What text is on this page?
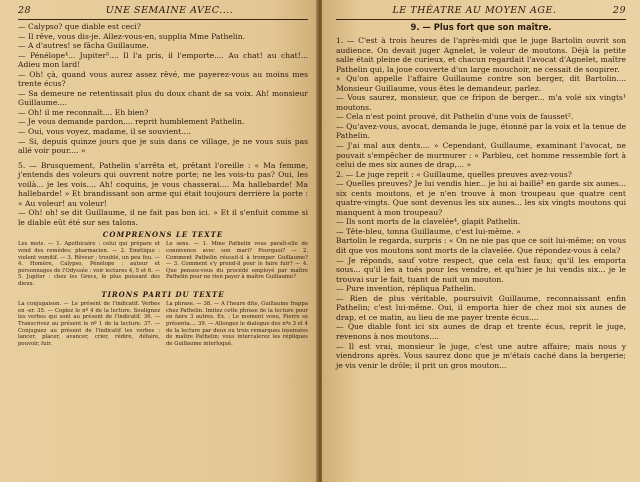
28	UNE SEMAINE AVEC....

— Calypso? que diable est ceci?

— Il rêve, vous dis-je. Allez-vous-en, supplia Mme Pathelin.

— A d'autres! se fâcha Guillaume.

— Pénélope⁴... Jupiter⁵.... Il l'a pris, il l'emporte.... Au chat! au chat!... Adieu mon lard!

— Oh! çà, quand vous aurez assez rêvé, me payerez-vous au moins mes trente écus?

— Sa demeure ne retentissait plus du doux chant de sa voix. Ah! monsieur Guillaume....

— Oh! il me reconnaît.... Eh bien?

— Je vous demande pardon,... reprit humblement Pathelin.

— Oui, vous voyez, madame, il se souvient....

— Si, depuis quinze jours que je suis dans ce village, je ne vous suis pas allé voir pour.... »

5. — Brusquement, Pathelin s'arrêta et, prêtant l'oreille : « Ma femme, j'entends des voleurs qui ouvrent notre porte; ne les vois-tu pas? Oui, les voilà... je les vois.... Ah! coquins, je vous chasserai.... Ma hallebarde! Ma hallebarde! » Et brandissant son arme qui était toujours derrière la porte : « Au voleur! au voleur!

— Oh! oh! se dit Guillaume, il ne fait pas bon ici. » Et il s'enfuit comme si le diable eût été sur ses talons.

COMPRENONS LE TEXTE

Les mots. — 1. Apothicaire : celui qui prépare et vend des remèdes; pharmacien. — 2. Émétique : violent vomitif. — 3. Rêveur : troublé, un peu fou. — 4. Homère, Calypso, Pénélope : auteur et personnages de l'Odyssée : voir lectures 4, 5 et 6. — 5. Jupiter : chez les Grecs, le plus puissant des dieux.

Le sens. — 1. Mme Pathelin vous paraît-elle de connivence avec son mari? Pourquoi? — 2. Comment Pathelin réussit-il à tromper Guillaume? — 3. Comment s'y prend-il pour le faire fuir? — 4. Que pensez-vous du procédé employé par maître Pathelin pour ne rien payer à maître Guillaume?

TIRONS PARTI DU TEXTE

La conjugaison. — Le présent de l'indicatif. Verbes en -er. 35. — Copiez le nº 4 de la lecture. Soulignez les verbes qui sont au présent de l'indicatif. 36. — Transcrivez au présent le nº 1 de la lecture. 37. — Conjuguez au présent de l'indicatif les verbes : lancer, placer, avancer, crier, rédire, défaire, pouvoir, fuir.

La phrase. — 38. — A l'heure dite, Guillaume frappa chez Pathelin. Imitez cette phrase de la lecture pour en faire 3 autres. Ex. : Le moment venu, Pierre se présenta.... 39. — Allongez le dialogue des nºs 3 et 4 de la lecture par deux ou trois remarques insensées de maître Pathelin; vous intercalerez les répliques de Guillaume interloqué.

LE THÉATRE AU MOYEN AGE.	29
9. — Plus fort que son maître.

1. — C'est à trois heures de l'après-midi que le juge Bartolin ouvrit son audience. On devait juger Agnelet, le voleur de moutons. Déjà la petite salle était pleine de curieux, et chacun regardait l'avocat d'Agnelet, maître Pathelin qui, la joue couverte d'un large mouchoir, ne cessait de soupirer.

« Qu'on appelle l'affaire Guillaume contre son berger, dit Bartolin.... Monsieur Guillaume, vous êtes le demandeur, parlez.

— Vous saurez, monsieur, que ce fripon de berger... m'a volé six vingts¹ moutons.

— Cela n'est point prouvé, dit Pathelin d'une voix de fausset².

— Qu'avez-vous, avocat, demanda le juge, étonné par la voix et la tenue de Pathelin.

— J'ai mal aux dents.... » Cependant, Guillaume, examinant l'avocat, ne pouvait s'empêcher de murmurer : « Parbleu, cet homme ressemble fort à celui de mes six aunes de drap,... »

2. — Le juge reprit : « Guillaume, quelles preuves avez-vous?

— Quelles preuves? Je lui vendis hier... je lui ai baillé³ en garde six aunes... six cents moutons, et je n'en trouve à mon troupeau que quatre cent quatre-vingts. Que sont devenus les six aunes... les six vingts moutons qui manquent à mon troupeau?

— Ils sont morts de la clavelée⁴, glapit Pathelin.

— Tête-bleu, tonna Guillaume, c'est lui-même. »

Bartolin le regarda, surpris : « On ne nie pas que ce soit lui-même; on vous dit que vos moutons sont morts de la clavelée. Que répondez-vous à cela?

— Je réponds, sauf votre respect, que cela est faux; qu'il les emporta sous... qu'il les a tués pour les vendre, et qu'hier je lui vendis six... je le trouvai sur le fait, tuant de nuit un mouton.

— Pure invention, répliqua Pathelin.

— Rien de plus véritable, poursuivit Guillaume, reconnaissant enfin Pathelin; c'est lui-même. Oui, il emporta hier de chez moi six aunes de drap, et ce matin, au lieu de me payer trente écus....

— Que diable font ici six aunes de drap et trente écus, reprit le juge, revenons à nos moutons....

— Il est vrai, monsieur le juge, c'est une autre affaire; mais nous y viendrons après. Vous saurez donc que je m'étais caché dans la bergerie; je vis venir le drôle; il prit un gros mouton...
